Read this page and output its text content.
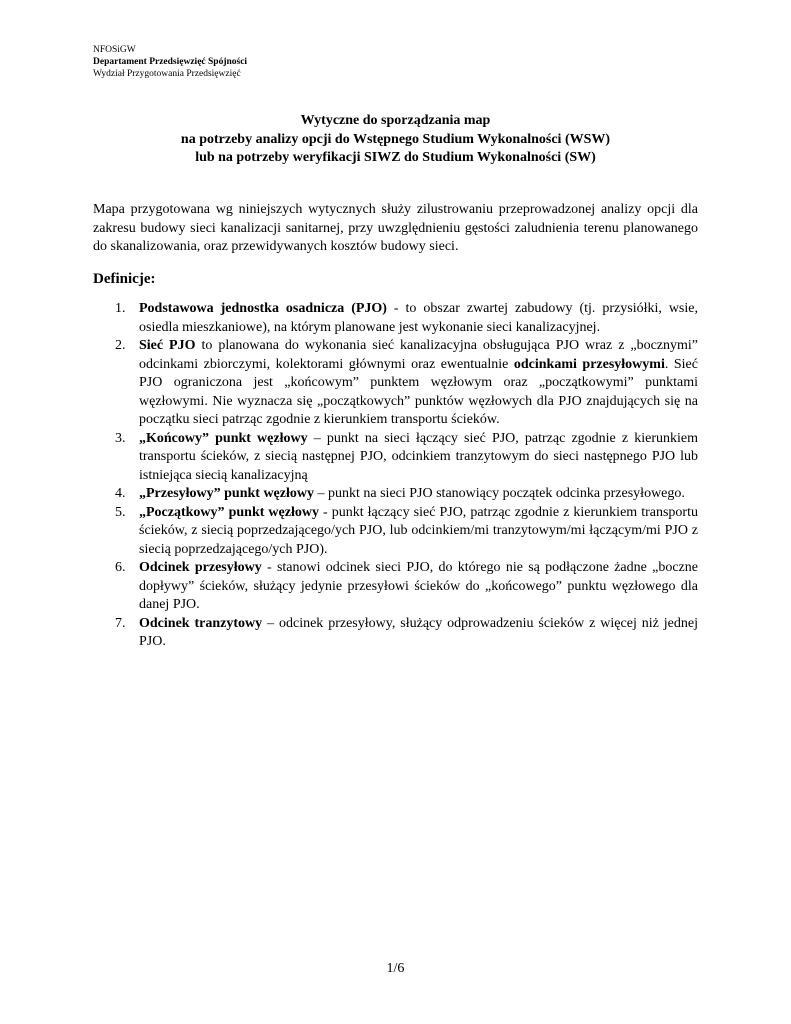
NFOSiGW
Departament Przedsięwzięć Spójności
Wydział Przygotowania Przedsięwzięć
Wytyczne do sporządzania map
na potrzeby analizy opcji do Wstępnego Studium Wykonalności (WSW)
lub na potrzeby weryfikacji SIWZ do Studium Wykonalności (SW)
Mapa przygotowana wg niniejszych wytycznych służy zilustrowaniu przeprowadzonej analizy opcji dla zakresu budowy sieci kanalizacji sanitarnej, przy uwzględnieniu gęstości zaludnienia terenu planowanego do skanalizowania, oraz przewidywanych kosztów budowy sieci.
Definicje:
1. Podstawowa jednostka osadnicza (PJO) - to obszar zwartej zabudowy (tj. przysiółki, wsie, osiedla mieszkaniowe), na którym planowane jest wykonanie sieci kanalizacyjnej.
2. Sieć PJO to planowana do wykonania sieć kanalizacyjna obsługująca PJO wraz z „bocznymi” odcinkami zbiorczymi, kolektorami głównymi oraz ewentualnie odcinkami przesyłowymi. Sieć PJO ograniczona jest „końcowym” punktem węzłowym oraz „początkowymi” punktami węzłowymi. Nie wyznacza się „początkowych” punktów węzłowych dla PJO znajdujących się na początku sieci patrząc zgodnie z kierunkiem transportu ścieków.
3. „Końcowy” punkt węzłowy – punkt na sieci łączący sieć PJO, patrząc zgodnie z kierunkiem transportu ścieków, z siecią następnej PJO, odcinkiem tranzytowym do sieci następnego PJO lub istniejąca siecią kanalizacyjną
4. „Przesyłowy” punkt węzłowy – punkt na sieci PJO stanowiący początek odcinka przesyłowego.
5. „Początkowy” punkt węzłowy - punkt łączący sieć PJO, patrząc zgodnie z kierunkiem transportu ścieków, z siecią poprzedzającego/ych PJO, lub odcinkiem/mi tranzytowym/mi łączącym/mi PJO z siecią poprzedzającego/ych PJO).
6. Odcinek przesyłowy - stanowi odcinek sieci PJO, do którego nie są podłączone żadne „boczne dopływy” ścieków, służący jedynie przesyłowi ścieków do „końcowego” punktu węzłowego dla danej PJO.
7. Odcinek tranzytowy – odcinek przesyłowy, służący odprowadzeniu ścieków z więcej niż jednej PJO.
1/6
